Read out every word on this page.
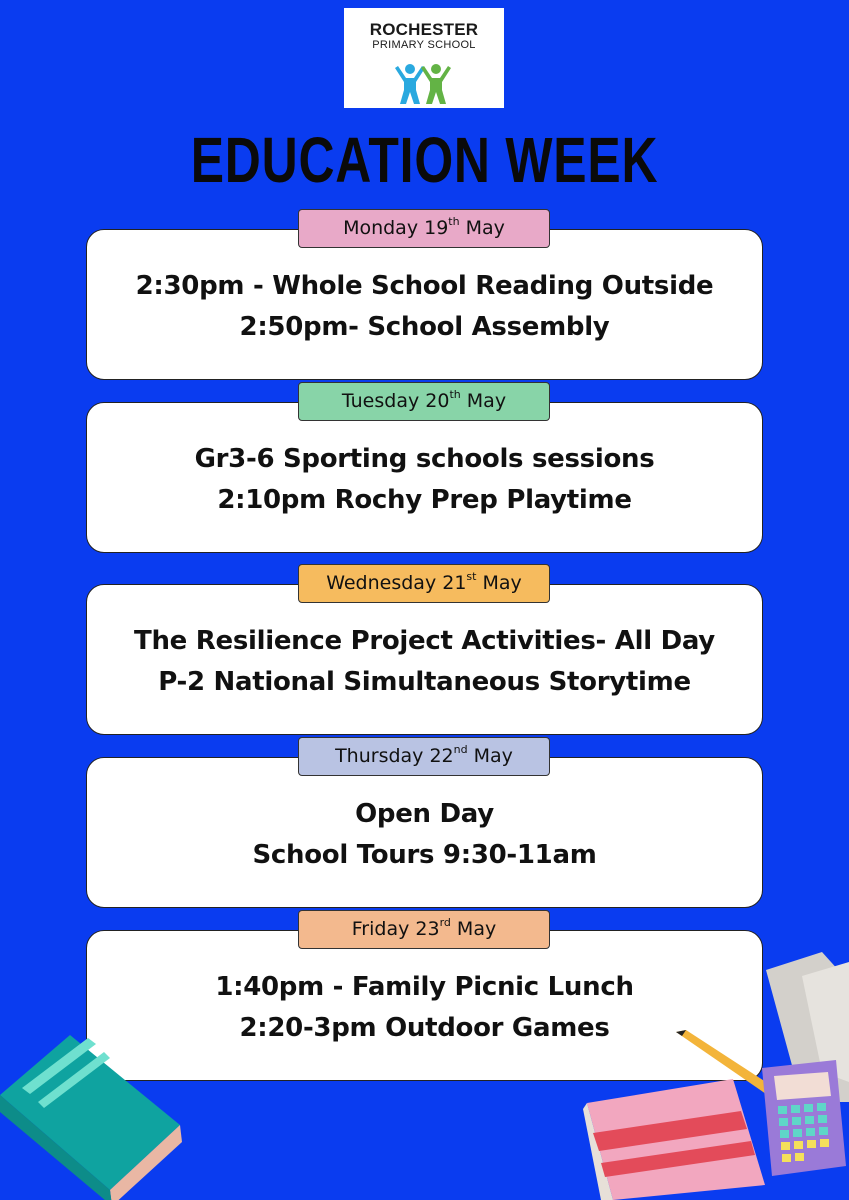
ROCHESTER
PRIMARY SCHOOL
EDUCATION WEEK
2:30pm - Whole School Reading Outside
2:50pm- School Assembly
Monday 19th May
Gr3-6 Sporting schools sessions
2:10pm Rochy Prep Playtime
Tuesday 20th May
The Resilience Project Activities- All Day
P-2 National Simultaneous Storytime
Wednesday 21st May
Open Day
School Tours 9:30-11am
Thursday 22nd May
1:40pm - Family Picnic Lunch
2:20-3pm Outdoor Games
Friday 23rd May
